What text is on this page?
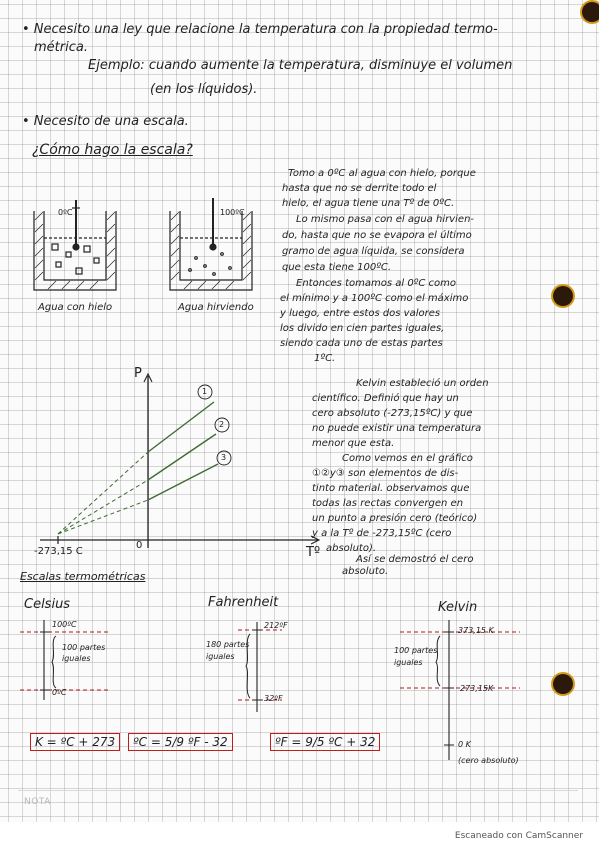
• Necesito una ley que relacione la temperatura con la propiedad termo-
métrica.
Ejemplo: cuando aumente la temperatura, disminuye el volumen
(en los líquidos).
• Necesito de una escala.
¿Cómo hago la escala?
Tomo a 0ºC al agua con hielo, porque
hasta que no se derrite todo el
hielo, el agua tiene una Tº de 0ºC.
Lo mismo pasa con el agua hirvien-
do, hasta que no se evapora el último
gramo de agua líquida, se considera
que esta tiene 100ºC.
Entonces tomamos al 0ºC como
el mínimo y a 100ºC como el máximo
y luego, entre estos dos valores
los divido en cien partes iguales,
siendo cada uno de estas partes
1ºC.
0ºC	100ºC
Agua con hielo	Agua hirviendo
P
Tº
-273,15 C
0
1
2
3
Kelvin estableció un orden
científico. Definió que hay un
cero absoluto (-273,15ºC) y que
no puede existir una temperatura
menor que esta.
Como vemos en el gráfico
①②y③ son elementos de dis-
tinto material. observamos que
todas las rectas convergen en
un punto a presión cero (teórico)
y a la Tº de -273,15ºC (cero
absoluto).
Así se demostró el cero
absoluto.
Escalas termométricas
Celsius
100ºC
100 partes
iguales
0ºC
Fahrenheit
212ºF
180 partes
iguales
32ºF
Kelvin
373,15 K
100 partes
iguales
273,15K
0 K
(cero absoluto)
K = ºC + 273	ºC = 5/9 ºF - 32	ºF = 9/5 ºC + 32
NOTA
Escaneado con CamScanner
